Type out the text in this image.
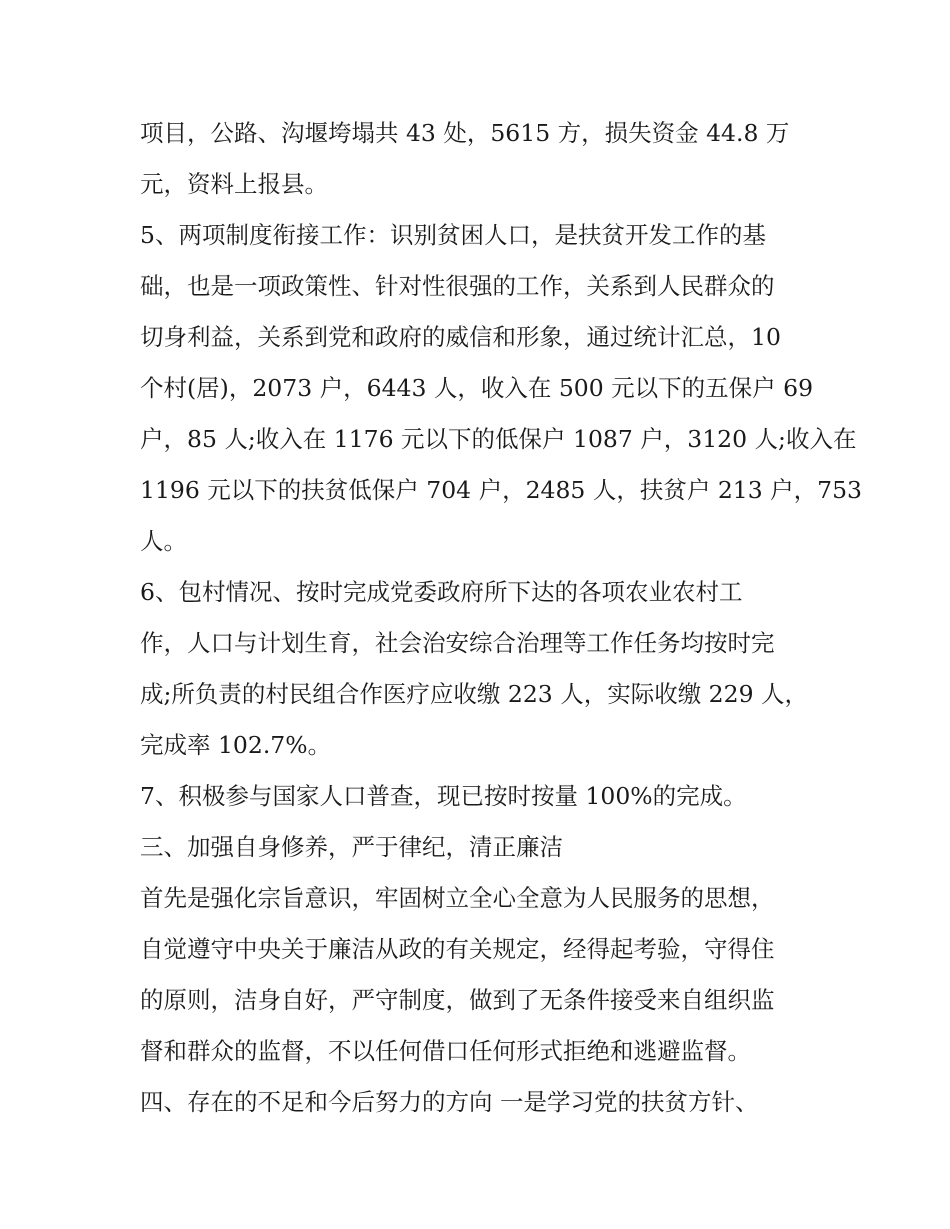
项目，公路、沟堰垮塌共 43 处，5615 方，损失资金 44.8 万
元，资料上报县。
5、两项制度衔接工作：识别贫困人口，是扶贫开发工作的基
础，也是一项政策性、针对性很强的工作，关系到人民群众的
切身利益，关系到党和政府的威信和形象，通过统计汇总，10
个村(居)，2073 户，6443 人，收入在 500 元以下的五保户 69
户，85 人;收入在 1176 元以下的低保户 1087 户，3120 人;收入在
1196 元以下的扶贫低保户 704 户，2485 人，扶贫户 213 户，753
人。
6、包村情况、按时完成党委政府所下达的各项农业农村工
作，人口与计划生育，社会治安综合治理等工作任务均按时完
成;所负责的村民组合作医疗应收缴 223 人，实际收缴 229 人，
完成率 102.7%。
7、积极参与国家人口普查，现已按时按量 100%的完成。
三、加强自身修养，严于律纪，清正廉洁
首先是强化宗旨意识，牢固树立全心全意为人民服务的思想，
自觉遵守中央关于廉洁从政的有关规定，经得起考验，守得住
的原则，洁身自好，严守制度，做到了无条件接受来自组织监
督和群众的监督，不以任何借口任何形式拒绝和逃避监督。
四、存在的不足和今后努力的方向 一是学习党的扶贫方针、
